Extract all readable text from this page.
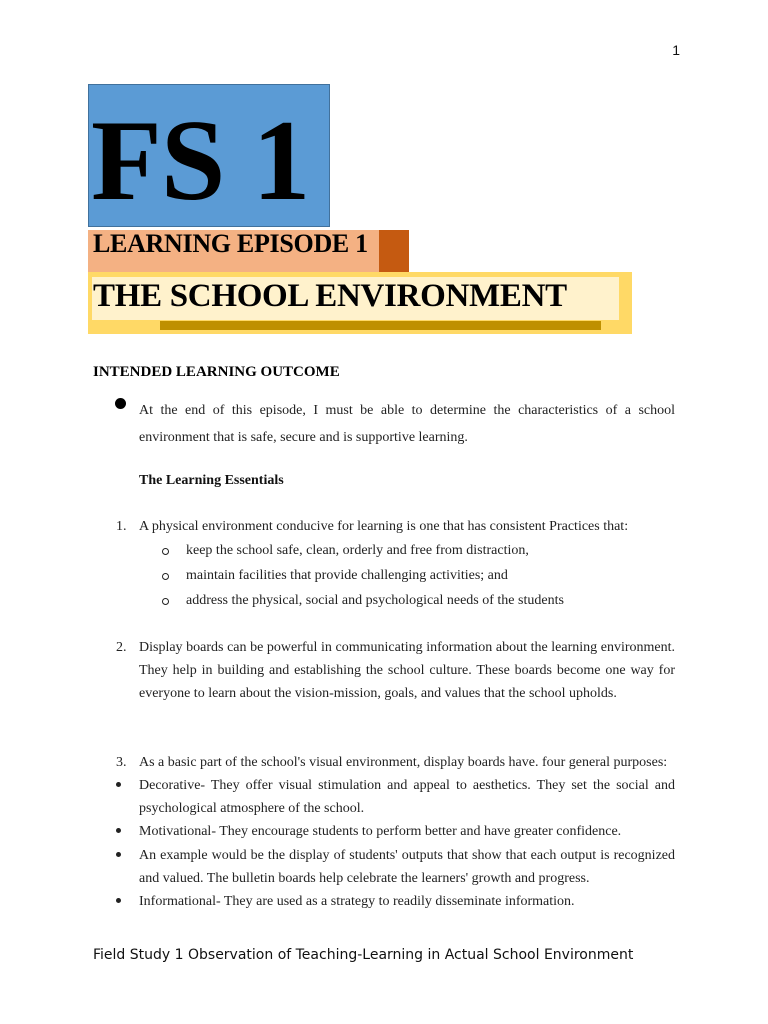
1
FS 1
LEARNING EPISODE 1
THE SCHOOL ENVIRONMENT
INTENDED LEARNING OUTCOME
At the end of this episode, I must be able to determine the characteristics of a school environment that is safe, secure and is supportive learning.
The Learning Essentials
1. A physical environment conducive for learning is one that has consistent Practices that:
keep the school safe, clean, orderly and free from distraction,
maintain facilities that provide challenging activities; and
address the physical, social and psychological needs of the students
2. Display boards can be powerful in communicating information about the learning environment. They help in building and establishing the school culture. These boards become one way for everyone to learn about the vision-mission, goals, and values that the school upholds.
3. As a basic part of the school's visual environment, display boards have. four general purposes:
Decorative- They offer visual stimulation and appeal to aesthetics. They set the social and psychological atmosphere of the school.
Motivational- They encourage students to perform better and have greater confidence.
An example would be the display of students' outputs that show that each output is recognized and valued. The bulletin boards help celebrate the learners' growth and progress.
Informational- They are used as a strategy to readily disseminate information.
Field Study 1 Observation of Teaching-Learning in Actual School Environment
